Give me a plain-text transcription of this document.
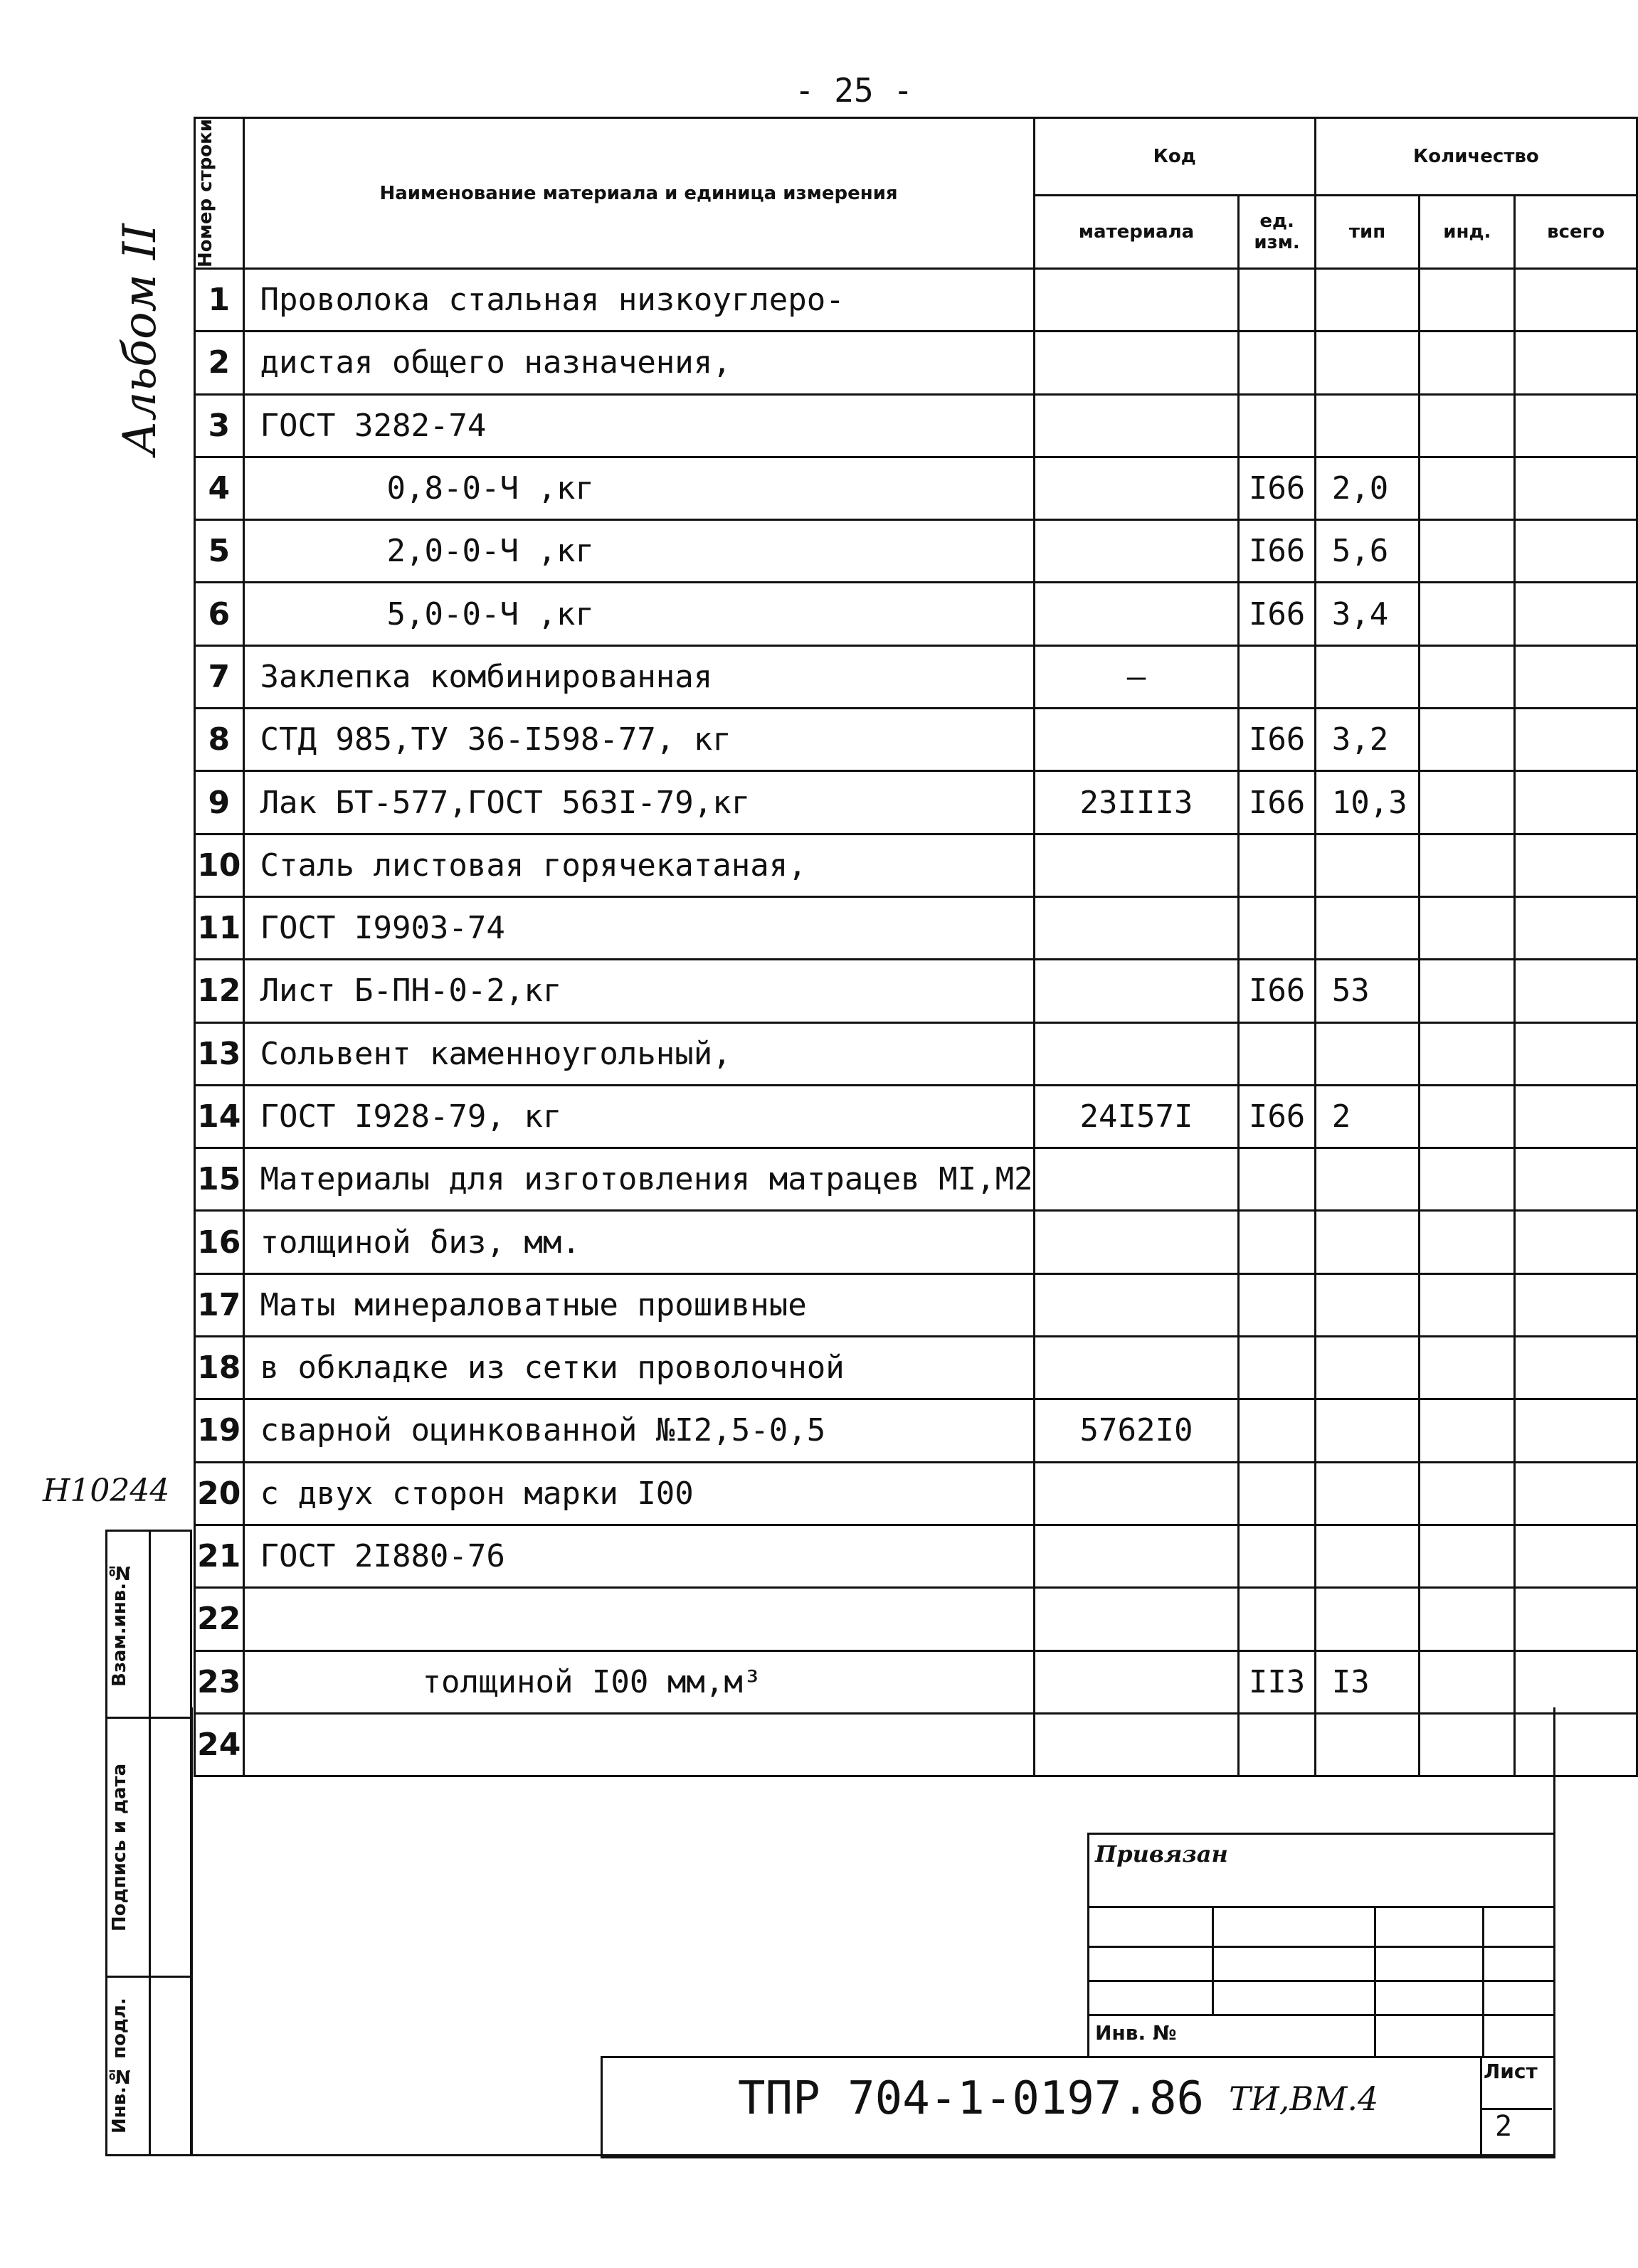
- 25 -
Альбом II
H10244
Номер строки	Наименование материала и единица измерения	Код		Количество		
		материала	ед. изм.	тип	инд.	всего
1	Проволока стальная низкоуглеро-					
2	дистая общего назначения,					
3	ГОСТ 3282-74					
4	0,8-0-Ч ,кг		I66	2,0		
5	2,0-0-Ч ,кг		I66	5,6		
6	5,0-0-Ч ,кг		I66	3,4		
7	Заклепка комбинированная	–				
8	СТД 985,ТУ 36-I598-77, кг		I66	3,2		
9	Лак БТ-577,ГОСТ 563I-79,кг	23III3	I66	10,3		
10	Сталь листовая горячекатаная,					
11	ГОСТ I9903-74					
12	Лист Б-ПН-0-2,кг		I66	53		
13	Сольвент каменноугольный,					
14	ГОСТ I928-79, кг	24I57I	I66	2		
15	Материалы для изготовления матрацев МI,М2					
16	толщиной δиз, мм.					
17	Маты минераловатные прошивные					
18	в обкладке из сетки проволочной					
19	сварной оцинкованной №I2,5-0,5	5762I0				
20	с двух сторон марки I00					
21	ГОСТ 2I880-76					
22						
23	толщиной I00 мм,м³		II3	I3		
24						
Взам.инв.№
Подпись и дата
Инв.№ подл.
Привязан
Инв. №
ТПР 704-1-0197.86 ТИ,ВМ.4
Лист
2
